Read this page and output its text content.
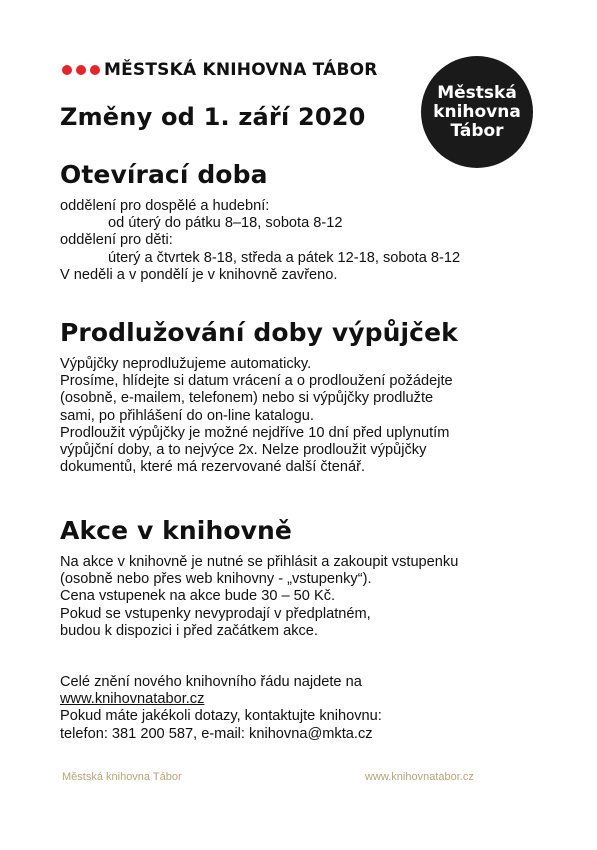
MĚSTSKÁ KNIHOVNA TÁBOR
Městská
knihovna
Tábor
Změny od 1. září 2020
Otevírací doba
oddělení pro dospělé a hudební:
od úterý do pátku 8–18, sobota 8-12
oddělení pro děti:
úterý a čtvrtek 8-18, středa a pátek 12-18, sobota 8-12
V neděli a v pondělí je v knihovně zavřeno.
Prodlužování doby výpůjček
Výpůjčky neprodlužujeme automaticky.
Prosíme, hlídejte si datum vrácení a o prodloužení požádejte
(osobně, e-mailem, telefonem) nebo si výpůjčky prodlužte
sami, po přihlášení do on-line katalogu.
Prodloužit výpůjčky je možné nejdříve 10 dní před uplynutím
výpůjční doby, a to nejvýce 2x. Nelze prodloužit výpůjčky
dokumentů, které má rezervované další čtenář.
Akce v knihovně
Na akce v knihovně je nutné se přihlásit a zakoupit vstupenku
(osobně nebo přes web knihovny - „vstupenky“).
Cena vstupenek na akce bude 30 – 50 Kč.
Pokud se vstupenky nevyprodají v předplatném,
budou k dispozici i před začátkem akce.
Celé znění nového knihovního řádu najdete na
www.knihovnatabor.cz
Pokud máte jakékoli dotazy, kontaktujte knihovnu:
telefon: 381 200 587, e-mail: knihovna@mkta.cz
Městská knihovna Tábor	www.knihovnatabor.cz
